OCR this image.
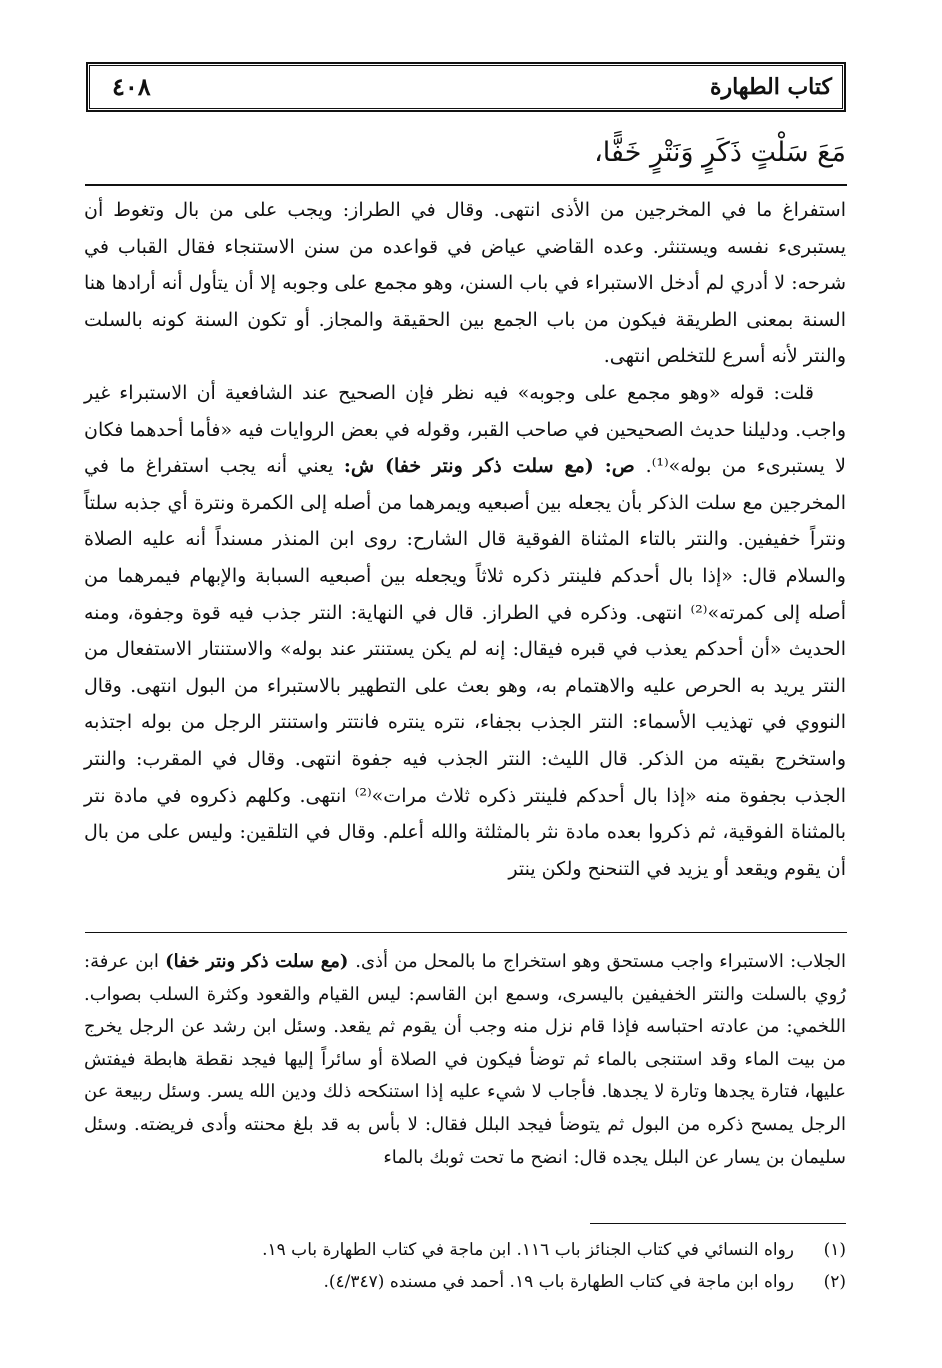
٤٠٨	كتاب الطهارة
مَعَ سَلْتٍ ذَكَرٍ وَنَتْرٍ خَفًّا،

استفراغ ما في المخرجين من الأذى انتهى. وقال في الطراز: ويجب على من بال وتغوط أن يستبرىء نفسه ويستنثر. وعده القاضي عياض في قواعده من سنن الاستنجاء فقال القباب في شرحه: لا أدري لم أدخل الاستبراء في باب السنن، وهو مجمع على وجوبه إلا أن يتأول أنه أرادها هنا السنة بمعنى الطريقة فيكون من باب الجمع بين الحقيقة والمجاز. أو تكون السنة كونه بالسلت والنتر لأنه أسرع للتخلص انتهى.

قلت: قوله «وهو مجمع على وجوبه» فيه نظر فإن الصحيح عند الشافعية أن الاستبراء غير واجب. ودليلنا حديث الصحيحين في صاحب القبر، وقوله في بعض الروايات فيه «فأما أحدهما فكان لا يستبرىء من بوله»⁽¹⁾. ص: (مع سلت ذكر ونتر خفا) ش: يعني أنه يجب استفراغ ما في المخرجين مع سلت الذكر بأن يجعله بين أصبعيه ويمرهما من أصله إلى الكمرة ونترة أي جذبه سلتاً ونتراً خفيفين. والنتر بالتاء المثناة الفوقية قال الشارح: روى ابن المنذر مسنداً أنه عليه الصلاة والسلام قال: «إذا بال أحدكم فلينتر ذكره ثلاثاً ويجعله بين أصبعيه السبابة والإبهام فيمرهما من أصله إلى كمرته»⁽²⁾ انتهى. وذكره في الطراز. قال في النهاية: النتر جذب فيه قوة وجفوة، ومنه الحديث «أن أحدكم يعذب في قبره فيقال: إنه لم يكن يستنتر عند بوله» والاستنتار الاستفعال من النتر يريد به الحرص عليه والاهتمام به، وهو بعث على التطهير بالاستبراء من البول انتهى. وقال النووي في تهذيب الأسماء: النتر الجذب بجفاء، نتره ينتره فانتتر واستنتر الرجل من بوله اجتذبه واستخرج بقيته من الذكر. قال الليث: النتر الجذب فيه جفوة انتهى. وقال في المقرب: والنتر الجذب بجفوة منه «إذا بال أحدكم فلينتر ذكره ثلاث مرات»⁽²⁾ انتهى. وكلهم ذكروه في مادة نتر بالمثناة الفوقية، ثم ذكروا بعده مادة نثر بالمثلثة والله أعلم. وقال في التلقين: وليس على من بال أن يقوم ويقعد أو يزيد في التنحنح ولكن ينتر

الجلاب: الاستبراء واجب مستحق وهو استخراج ما بالمحل من أذى. (مع سلت ذكر ونتر خفا) ابن عرفة: رُوي بالسلت والنتر الخفيفين باليسرى، وسمع ابن القاسم: ليس القيام والقعود وكثرة السلب بصواب. اللخمي: من عادته احتباسه فإذا قام نزل منه وجب أن يقوم ثم يقعد. وسئل ابن رشد عن الرجل يخرج من بيت الماء وقد استنجى بالماء ثم توضأ فيكون في الصلاة أو سائراً إليها فيجد نقطة هابطة فيفتش عليها، فتارة يجدها وتارة لا يجدها. فأجاب لا شيء عليه إذا استنكحه ذلك ودين الله يسر. وسئل ربيعة عن الرجل يمسح ذكره من البول ثم يتوضأ فيجد البلل فقال: لا بأس به قد بلغ محنته وأدى فريضته. وسئل سليمان بن يسار عن البلل يجده قال: انضح ما تحت ثوبك بالماء

(١)
رواه النسائي في كتاب الجنائز باب ١١٦. ابن ماجة في كتاب الطهارة باب ١٩.
(٢)
رواه ابن ماجة في كتاب الطهارة باب ١٩. أحمد في مسنده (٤/٣٤٧).
